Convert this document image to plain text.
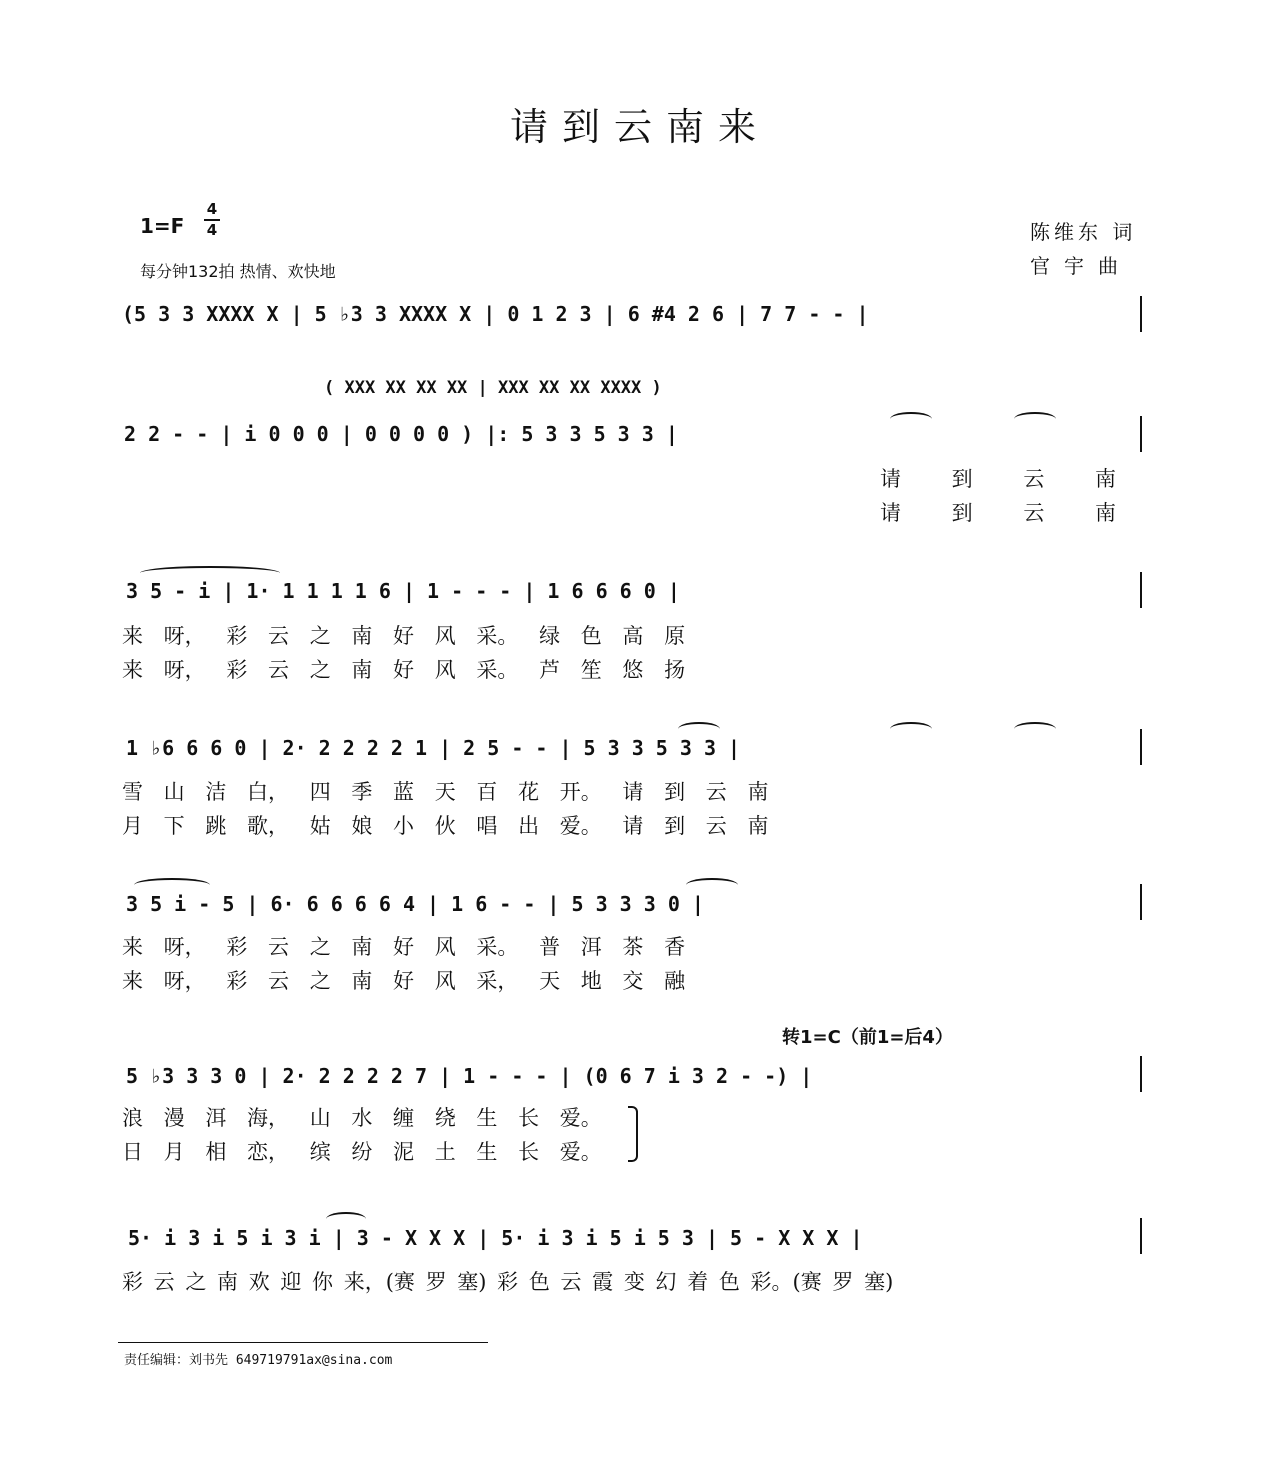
请到云南来
1=F
4
4
每分钟132拍 热情、欢快地
陈维东 词
官宇曲
(5 3 3 XXXX X | 5 ♭3 3 XXXX X | 0 1 2 3 | 6 #4 2 6 | 7 7 - - |
( XXX XX XX XX | XXX XX XX XXXX )
2 2 - - | i 0 0 0 | 0 0 0 0 ) |: 5 3 3 5 3 3 |
请 到 云 南
请 到 云 南
3 5 - i | 1· 1 1 1 1 6 | 1 - - - | 1 6 6 6 0 |
来 呀， 彩 云 之 南 好 风 采。 绿 色 高 原
来 呀， 彩 云 之 南 好 风 采。 芦 笙 悠 扬
1 ♭6 6 6 0 | 2· 2 2 2 2 1 | 2 5 - - | 5 3 3 5 3 3 |
雪 山 洁 白， 四 季 蓝 天 百 花 开。 请 到 云 南
月 下 跳 歌， 姑 娘 小 伙 唱 出 爱。 请 到 云 南
3 5 i - 5 | 6· 6 6 6 6 4 | 1 6 - - | 5 3 3 3 0 |
来 呀， 彩 云 之 南 好 风 采。 普 洱 茶 香
来 呀， 彩 云 之 南 好 风 采， 天 地 交 融
转1=C（前1=后4）
5 ♭3 3 3 0 | 2· 2 2 2 2 7 | 1 - - - | (0 6 7 i 3 2 - -) |
浪 漫 洱 海， 山 水 缠 绕 生 长 爱。
日 月 相 恋， 缤 纷 泥 土 生 长 爱。
5· i 3 i 5 i 3 i | 3 - X X X | 5· i 3 i 5 i 5 3 | 5 - X X X |
彩 云 之 南 欢 迎 你 来，(赛 罗 塞) 彩 色 云 霞 变 幻 着 色 彩。(赛 罗 塞)
责任编辑：刘书先 649719791ax@sina.com
